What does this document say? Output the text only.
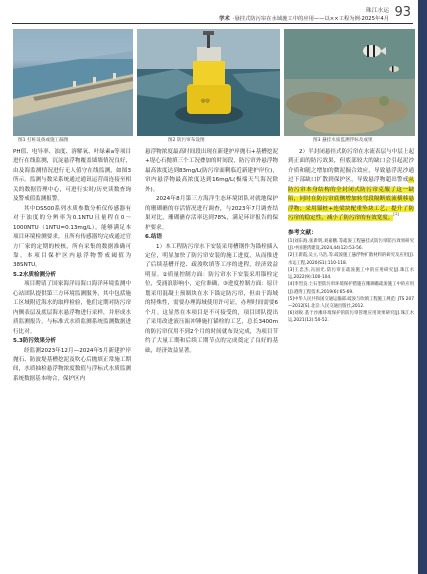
珠江水运 93
学术 ·悬挂式防污帘在水域施工中的应用——以××工程为例·2025年4月
图1 打桩设备或施工漏图
◎◎
图2 防污帘布设图	图3 悬挂水质监测浮标及成果

PH值、电导率、浊度、溶解氧、叶绿素a等项目进行在线监测，沉淀悬浮物覆盖墙墙情况良好，由及海监测情况进行无人值守在线监测，如图3所示。监测与数采系统通过通讯运营商连接至相关的数据管理中心，可进行实时/历史读数查询及警戒值监测报警。

其中DS500系列水质参数分析仪传感器有对于浊度的分辨率为0.1NTU且量程在0～1000NTU（1NTU=0.13mg/L），能够满足本项目环境检测要求，且所有传感器均完成通过官方厂家的定期的校核，所有采集的数据准确可靠。本项目保护区内悬浮物警戒阈值为38SNTU。

5.2水质检测分析

项目聘请了国家海洋局海口海洋环境监测中心站团队提供第三方环境监测服务，其中包括施工区域附近海水的取样检验，他们定期对防污帘内侧表层及底层海水悬浮物进行采样，并形成水质监测报告。与标准式水质监测系统监测数据进行比对。

5.3防污效果分析

经监测2023年12月—2024年5月新建护岸抛石、防波堤基槽挖泥及吹心后抛填正常施工期间，水质抽检悬浮物浓度数值与浮标式水质监测系统数据基本吻合，保护区内

悬浮物浓度最高时间段出现在新建护岸抛石+基槽挖泥+堤心石抛填三个工况叠加的时间段，防污帘外悬浮物最高浓度达到83mg/L(防污帘面剩临近新建护岸位)，帘内悬浮物最高浓度达到16mg/L(极端天气海况除外)。

2024年8月第三方海洋生态环境团队对就地保护的珊瑚礁的存活情况进行调查，与2023年7月调查结果对比，珊瑚礁存活率达到78%，满足环评报告的保护要求。

6.结语

1）本工程防污帘水下安装采用槽钢作为锚栓插入定位，明显加快了防污帘安装的施工进度，从而推进了后续基槽开挖、疏浚吹填等工序的进程，经济效益明显。②质量控制方面：防污帘水下安装采用锚栓定位，受涌浪影响小，定位准确，③进度控制方面：原计划采用混凝土预制块在水下锚定防污帘，但由于海域的特殊性，需要办理海域使用许可证，办理时间需要6个月。这显然在本项目是不可接受的，项目团队提出了采用改进液压振冲锤施打锚栓的工艺，总长3400m的防污帘仅用不到2个月的时间就布设完成，为项目节约了大量工期和后续工期节点的完成奠定了良好的基础，经济效益显著。

2）半封闭悬挂式防污帘在水流表层与中层上起到正面的防污效果，但底部较大的缺口会引起泥沙介质和随之增加的微泥掘合效应，导致悬浮泥沙通过下部缺口扩散到保护区，导致悬浮物超出警戒从防污帘本身结构的全封闭式防污帘克服了这一缺陷，同时在防污帘底侧增加转弯段隔断底流横移悬浮物；采用锚桩+连梁块配重坠块工艺，提升了防污帘的稳定性，减小了防污帘的有效宽度。[1]

参考文献：

[1]刘东海,张新明,刘嘉鹏.等疏浚工程悬挂式防污帘防污效果研究[J].中国港湾建设,2024,44(12):53-56.

[2]王新霞,吴立,马浩,等.疏浚施工悬浮物扩散材料的研究及应用[J].水运工程,2020(S1):110-118.

[3]王忠杰,冯国光.防污帘在疏浚施工中的应用研究[J].珠江水运,2022(9):100-104.

[4]李烈良.土石型防污帘环境保护措施在珊瑚礁疏浚施工中的应用[J].港湾工程技术,2019(6):65-69.

[5]中华人民共和国交通运输部.疏浚与吹填工程施工规范: JTS 207—2012[S].北京:人民交通出版社,2012.

[6]刘锐.基于沙滩环境保护的防污帘管理应用效果研究[J].珠江水运,2021(12):50-52.
